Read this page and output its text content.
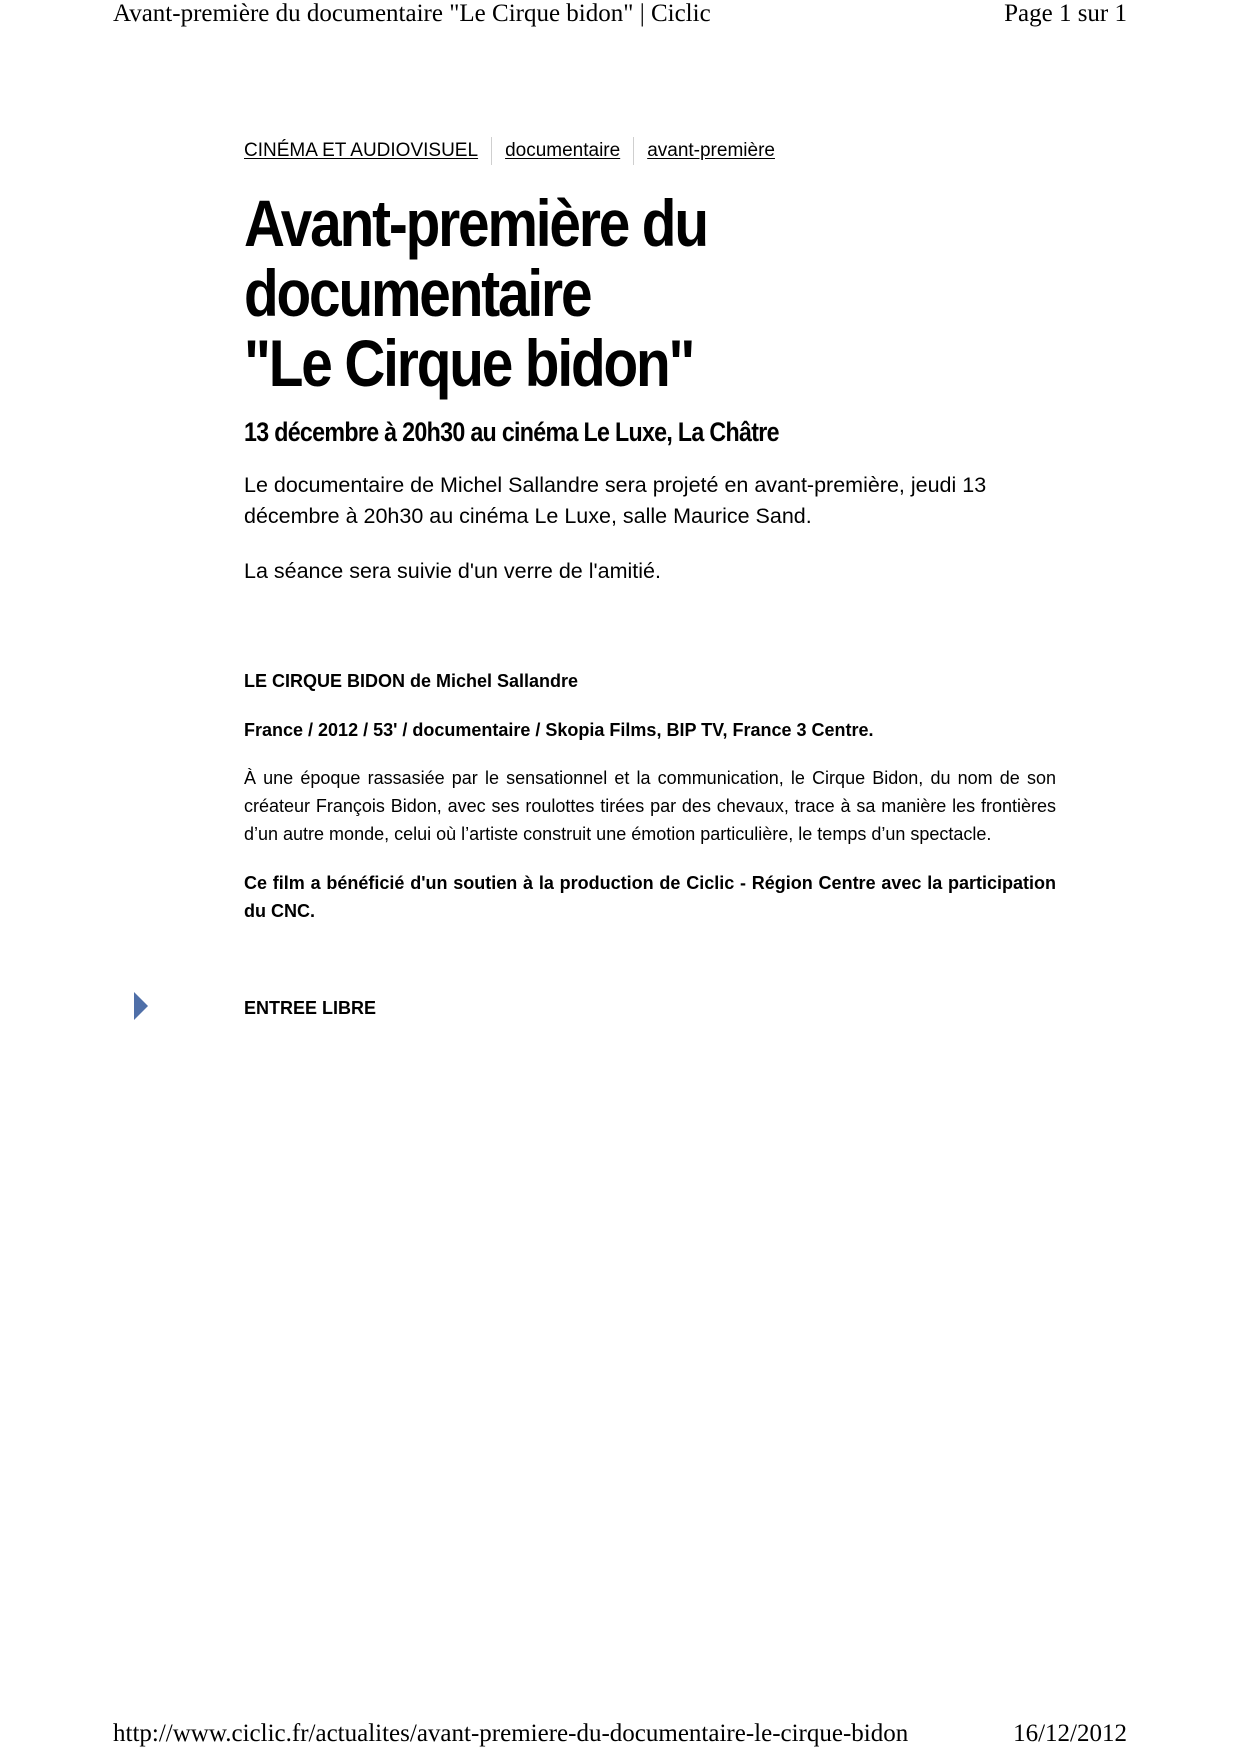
Avant-première du documentaire "Le Cirque bidon" | Ciclic	Page 1 sur 1
CINÉMA ET AUDIOVISUEL documentaire avant-première
Avant-première du documentaire
"Le Cirque bidon"
13 décembre à 20h30 au cinéma Le Luxe, La Châtre

Le documentaire de Michel Sallandre sera projeté en avant-première, jeudi 13 décembre à 20h30 au cinéma Le Luxe, salle Maurice Sand.

La séance sera suivie d'un verre de l'amitié.

LE CIRQUE BIDON de Michel Sallandre

France / 2012 / 53' / documentaire / Skopia Films, BIP TV, France 3 Centre.

À une époque rassasiée par le sensationnel et la communication, le Cirque Bidon, du nom de son créateur François Bidon, avec ses roulottes tirées par des chevaux, trace à sa manière les frontières d’un autre monde, celui où l’artiste construit une émotion particulière, le temps d’un spectacle.

Ce film a bénéficié d'un soutien à la production de Ciclic - Région Centre avec la participation du CNC.

ENTREE LIBRE

http://www.ciclic.fr/actualites/avant-premiere-du-documentaire-le-cirque-bidon	16/12/2012
